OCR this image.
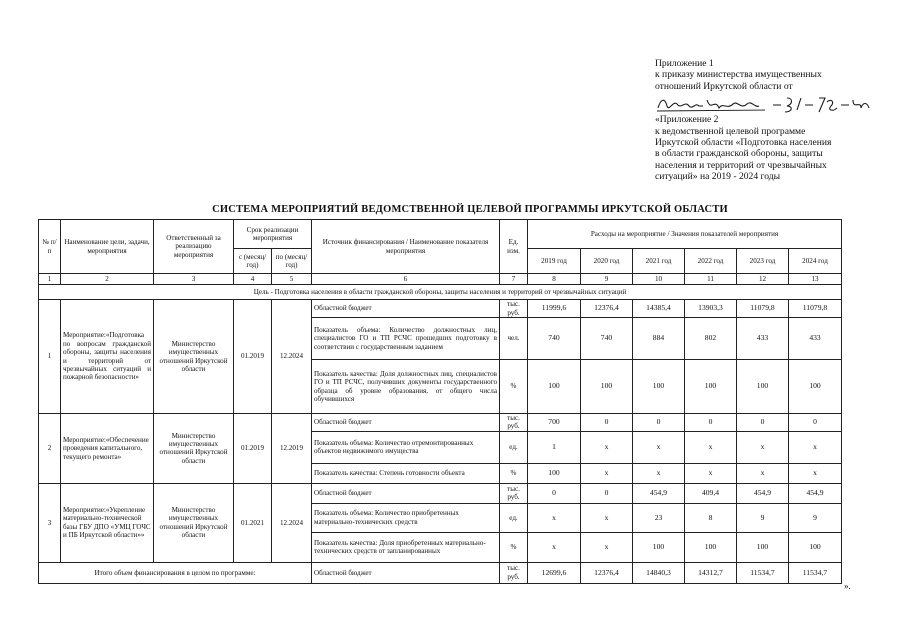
Приложение 1
к приказу министерства имущественных
отношений Иркутской области от
«Приложение 2
к ведомственной целевой программе
Иркутской области «Подготовка населения
в области гражданской обороны, защиты
населения и территорий от чрезвычайных
ситуаций» на 2019 - 2024 годы
СИСТЕМА МЕРОПРИЯТИЙ ВЕДОМСТВЕННОЙ ЦЕЛЕВОЙ ПРОГРАММЫ ИРКУТСКОЙ ОБЛАСТИ
№ п/п	Наименование цели, задачи, мероприятия	Ответственный за реализацию мероприятия	Срок реализации мероприятия		Источник финансирования / Наименование показателя мероприятия	Ед. изм.	Расходы на мероприятие / Значения показателей мероприятия					
			с (месяц/год)	по (месяц/год)			2019 год	2020 год	2021 год	2022 год	2023 год	2024 год
1	2	3	4	5	6	7	8	9	10	11	12	13
Цель - Подготовка населения в области гражданской обороны, защиты населения и территорий от чрезвычайных ситуаций												
1	Мероприятие:«Подготовка по вопросам гражданской обороны, защиты населения и территорий от чрезвычайных ситуаций и пожарной безопасности»	Министерство имущественных отношений Иркутской области	01.2019	12.2024	Областной бюджет	тыс. руб.	11999,6	12376,4	14385,4	13903,3	11079,8	11079,8
					Показатель объема: Количество должностных лиц, специалистов ГО и ТП РСЧС прошедших подготовку в соответствии с государственным заданием	чел.	740	740	884	802	433	433
					Показатель качества: Доля должностных лиц, специалистов ГО и ТП РСЧС, получивших документы государственного образца об уровне образования, от общего числа обучившихся	%	100	100	100	100	100	100
2	Мероприятие:«Обеспечение проведения капитального, текущего ремонта»	Министерство имущественных отношений Иркутской области	01.2019	12.2019	Областной бюджет	тыс. руб.	700	0	0	0	0	0
					Показатель объема: Количество отремонтированных объектов недвижимого имущества	ед.	1	x	x	x	x	x
					Показатель качества: Степень готовности объекта	%	100	x	x	x	x	x
3	Мероприятие:«Укрепление материально-технической базы ГБУ ДПО «УМЦ ГОЧС и ПБ Иркутской области»»	Министерство имущественных отношений Иркутской области	01.2021	12.2024	Областной бюджет	тыс. руб.	0	0	454,9	409,4	454,9	454,9
					Показатель объема: Количество приобретенных материально-технических средств	ед.	x	x	23	8	9	9
					Показатель качества: Доля приобретенных материально-технических средств от запланированных	%	x	x	100	100	100	100
Итого объем финансирования в целом по программе:					Областной бюджет	тыс. руб.	12699,6	12376,4	14840,3	14312,7	11534,7	11534,7
».
